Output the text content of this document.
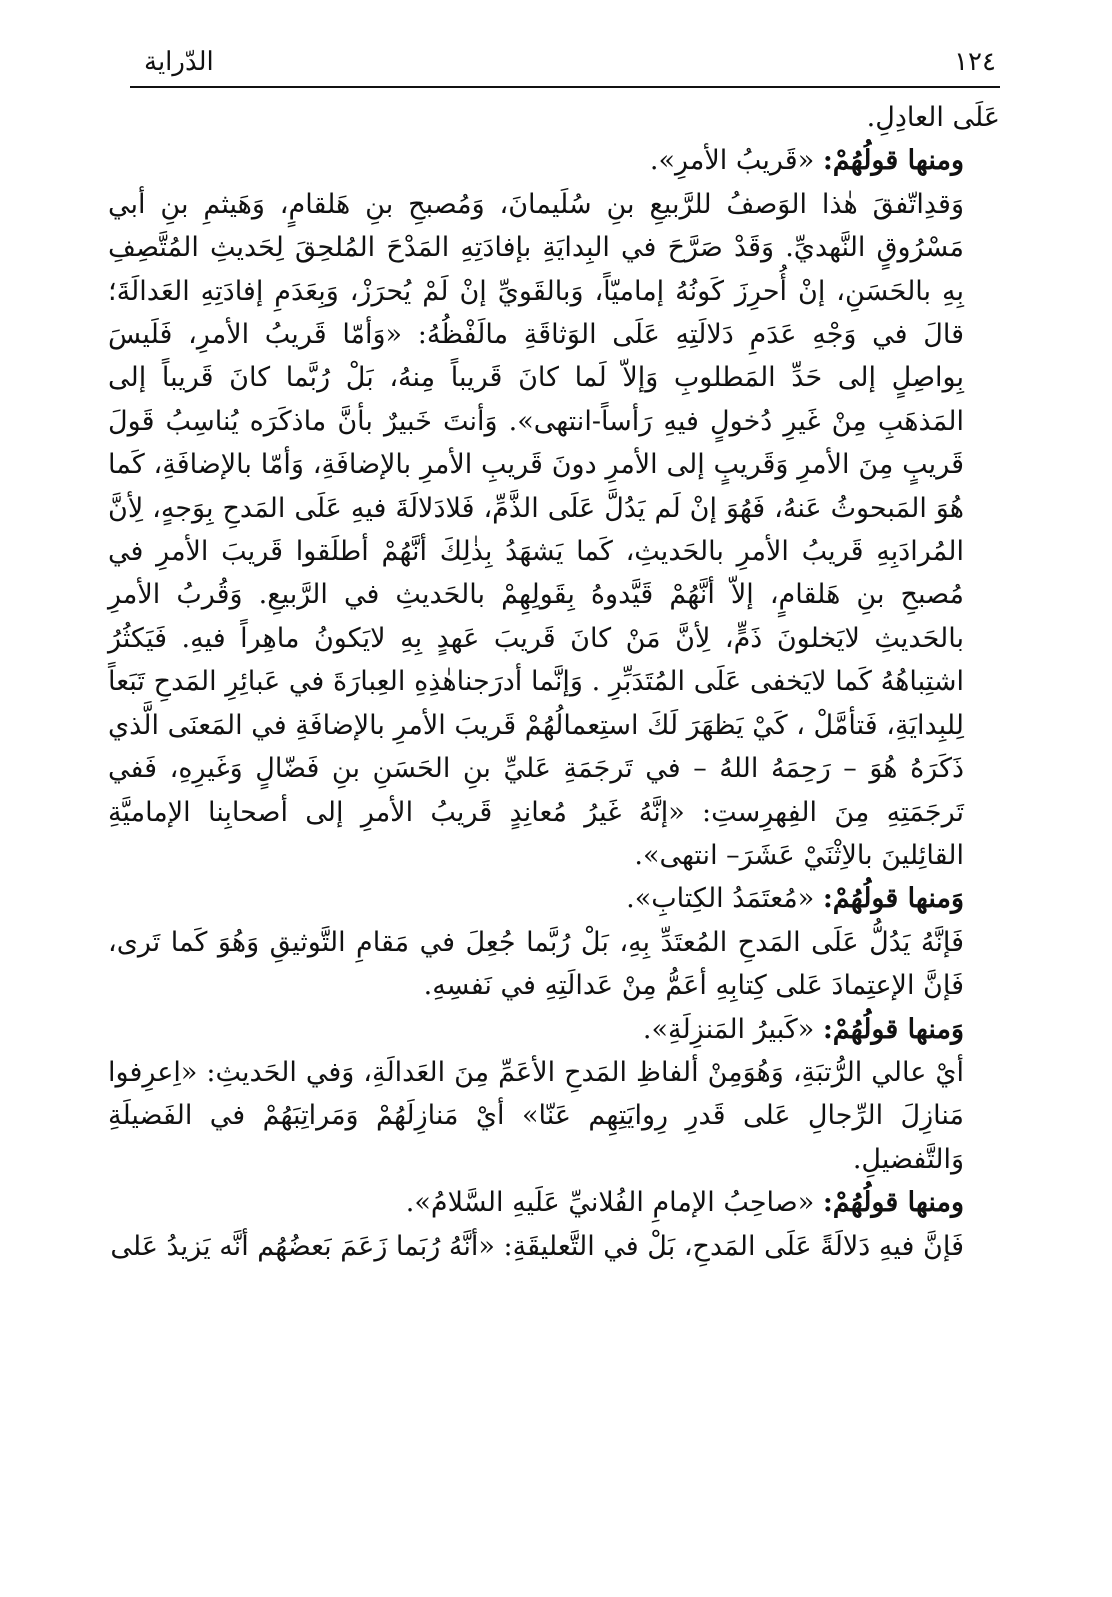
الدّراية	١٢٤

عَلَى العادِلِ.

ومنها قولُهُمْ: «قَريبُ الأمرِ».

وَقدِاتّفقَ هٰذا الوَصفُ للرَّبيعِ بنِ سُلَيمانَ، وَمُصبحِ بنِ هَلقامٍ، وَهَيثمِ بنِ أبي مَسْرُوقٍ النَّهديِّ. وَقَدْ صَرَّحَ في البِدايَةِ بإفادَتِهِ المَدْحَ المُلحِقَ لِحَديثِ المُتَّصِفِ بِهِ بالحَسَنِ، إنْ أُحرِزَ كَونُهُ إماميّاً، وَبالقَويِّ إنْ لَمْ يُحرَزْ، وَبِعَدَمِ إفادَتِهِ العَدالَةَ؛ قالَ في وَجْهِ عَدَمِ دَلالَتِهِ عَلَى الوَثاقَةِ مالَفْظُهُ: «وَأمّا قَريبُ الأمرِ، فَلَيسَ بِواصِلٍ إلى حَدِّ المَطلوبِ وَإلاّ لَما كانَ قَريباً مِنهُ، بَلْ رُبَّما كانَ قَريباً إلى المَذهَبِ مِنْ غَيرِ دُخولٍ فيهِ رَأساً-انتهى». وَأنتَ خَبيرٌ بأنَّ ماذكَرَه يُناسِبُ قَولَ قَريبٍ مِنَ الأمرِ وَقَريبٍ إلى الأمرِ دونَ قَريبِ الأمرِ بالإضافَةِ، وَأمّا بالإضافَةِ، كَما هُوَ المَبحوثُ عَنهُ، فَهُوَ إنْ لَم يَدُلَّ عَلَى الذَّمِّ، فَلادَلالَةَ فيهِ عَلَى المَدحِ بِوَجهٍ، لِأنَّ المُرادَبِهِ قَريبُ الأمرِ بالحَديثِ، كَما يَشهَدُ بِذٰلِكَ أنَّهُمْ أطلَقوا قَريبَ الأمرِ في مُصبحِ بنِ هَلقامٍ، إلاّ أنَّهُمْ قَيَّدوهُ بِقَولِهِمْ بالحَديثِ في الرَّبيعِ. وَقُربُ الأمرِ بالحَديثِ لايَخلونَ ذَمٍّ، لِأنَّ مَنْ كانَ قَريبَ عَهدٍ بِهِ لايَكونُ ماهِراً فيهِ. فَيَكثُرُ اشتِباهُهُ كَما لايَخفى عَلَى المُتَدَبِّرِ . وَإنَّما أدرَجناهٰذِهِ العِبارَةَ في عَبائِرِ المَدحِ تَبَعاً لِلبِدايَةِ، فَتأمَّلْ ، كَيْ يَظهَرَ لَكَ استِعمالُهُمْ قَريبَ الأمرِ بالإضافَةِ في المَعنَى الَّذي ذَكَرَهُ هُوَ – رَحِمَهُ اللهُ – في تَرجَمَةِ عَليِّ بنِ الحَسَنِ بنِ فَضّالٍ وَغَيرِهِ، فَفي تَرجَمَتِهِ مِنَ الفِهرِستِ: «إنَّهُ غَيرُ مُعانِدٍ قَريبُ الأمرِ إلى أصحابِنا الإماميَّةِ القائِلينَ بالاِثْنَيْ عَشَرَ– انتهى».

وَمنها قولُهُمْ: «مُعتَمَدُ الكِتابِ».

فَإنَّهُ يَدُلُّ عَلَى المَدحِ المُعتَدِّ بِهِ، بَلْ رُبَّما جُعِلَ في مَقامِ التَّوثيقِ وَهُوَ كَما تَرى، فَإنَّ الإعتِمادَ عَلى كِتابِهِ أعَمُّ مِنْ عَدالَتِهِ في نَفسِهِ.

وَمنها قولُهُمْ: «كَبيرُ المَنزِلَةِ».

أيْ عالي الرُّتبَةِ، وَهُوَمِنْ ألفاظِ المَدحِ الأعَمِّ مِنَ العَدالَةِ، وَفي الحَديثِ: «اِعرِفوا مَنازِلَ الرِّجالِ عَلى قَدرِ رِوايَتِهِم عَنّا» أيْ مَنازِلَهُمْ وَمَراتِبَهُمْ في الفَضيلَةِ وَالتَّفضيلِ.

ومنها قولُهُمْ: «صاحِبُ الإمامِ الفُلانيِّ عَلَيهِ السَّلامُ».

فَإنَّ فيهِ دَلالَةً عَلَى المَدحِ، بَلْ في التَّعليقَةِ: «أنَّهُ رُبَما زَعَمَ بَعضُهُم أنَّه يَزيدُ عَلى
